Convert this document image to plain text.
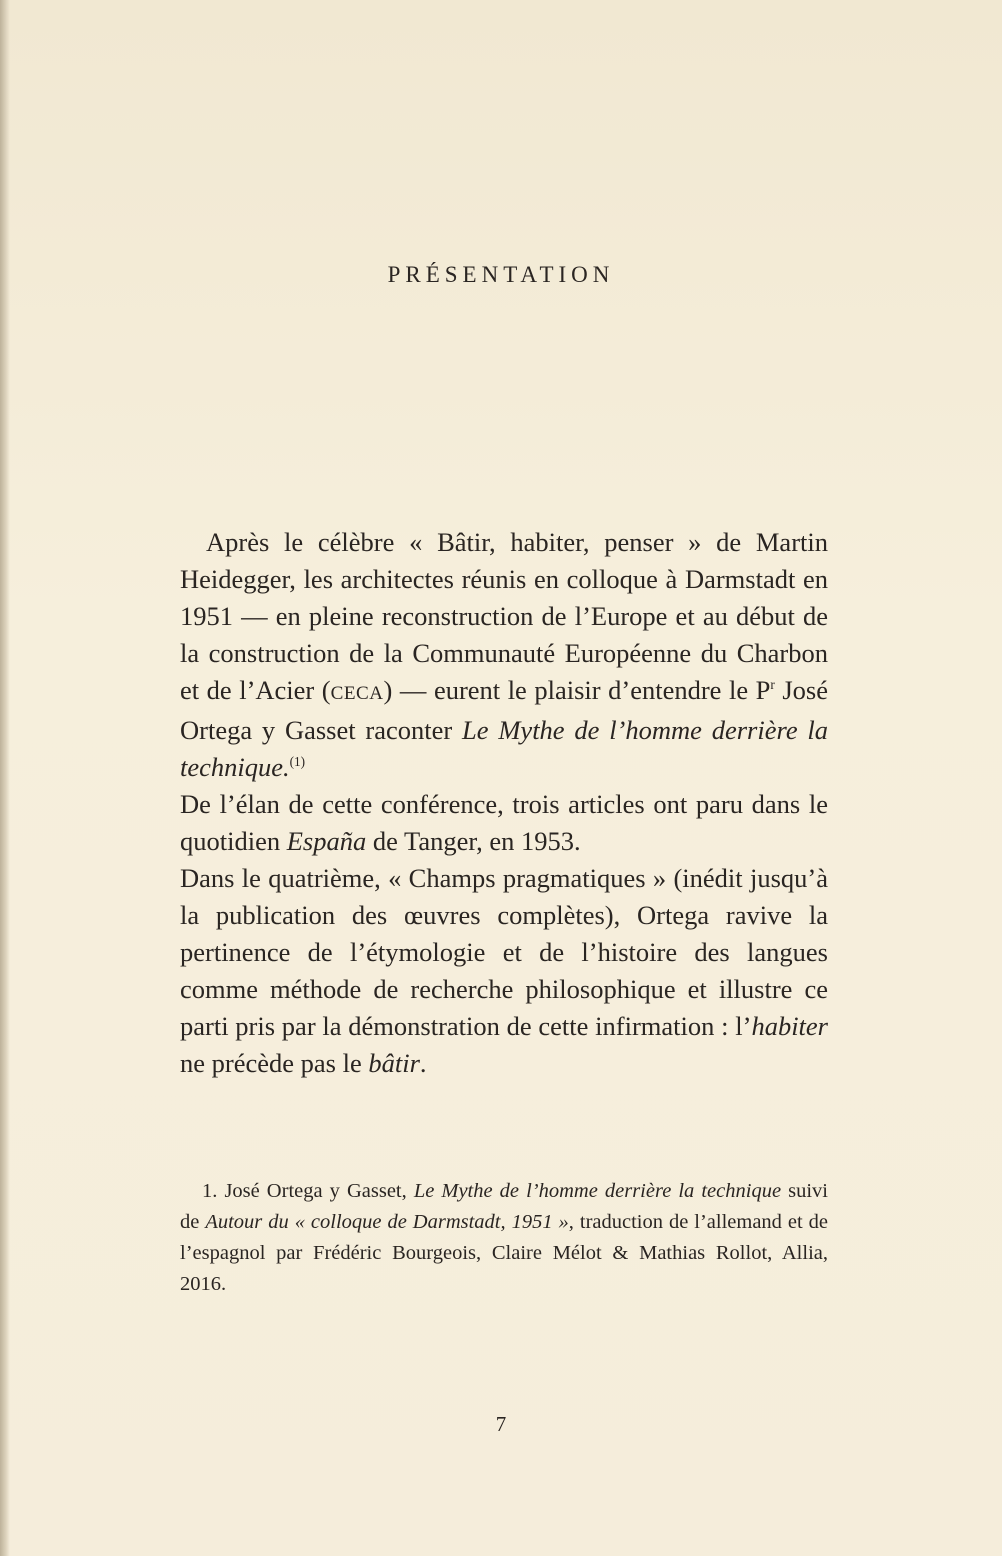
PRÉSENTATION

Après le célèbre « Bâtir, habiter, penser » de Martin Heidegger, les architectes réunis en colloque à Darmstadt en 1951 — en pleine reconstruction de l’Europe et au début de la construction de la Communauté Européenne du Charbon et de l’Acier (CECA) — eurent le plaisir d’entendre le $P^r$ José Ortega y Gasset raconter Le Mythe de l’homme derrière la technique.$^{(1)}$

De l’élan de cette conférence, trois articles ont paru dans le quotidien España de Tanger, en 1953.

Dans le quatrième, « Champs pragmatiques » (inédit jusqu’à la publication des œuvres complètes), Ortega ravive la pertinence de l’étymologie et de l’histoire des langues comme méthode de recherche philosophique et illustre ce parti pris par la démonstration de cette infirmation : l’habiter ne précède pas le bâtir.

1. José Ortega y Gasset, Le Mythe de l’homme derrière la technique suivi de Autour du « colloque de Darmstadt, 1951 », traduction de l’allemand et de l’espagnol par Frédéric Bourgeois, Claire Mélot & Mathias Rollot, Allia, 2016.

7
